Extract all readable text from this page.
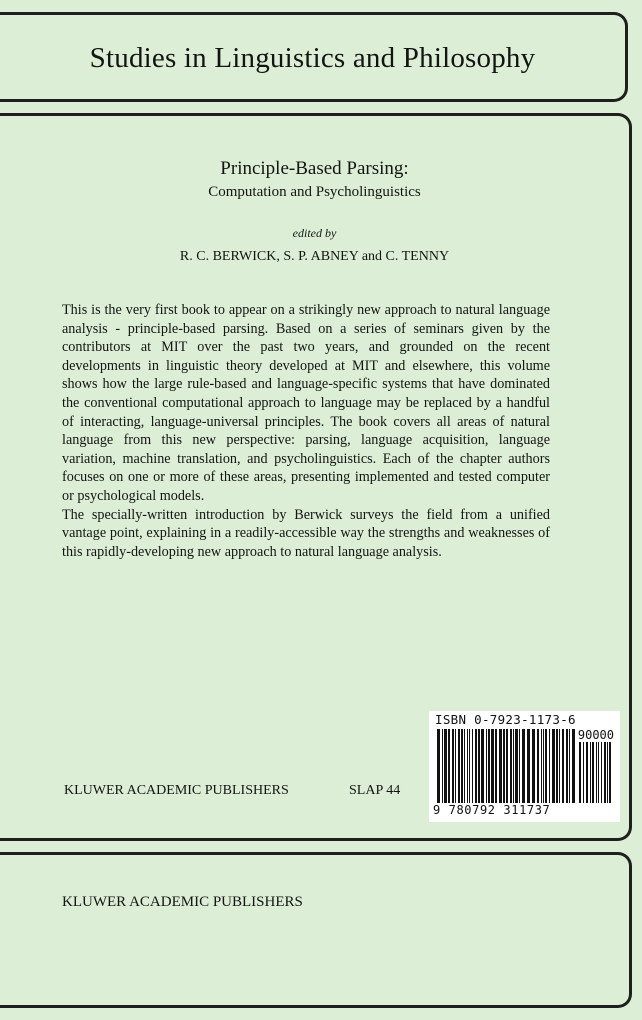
Studies in Linguistics and Philosophy
Principle-Based Parsing:
Computation and Psycholinguistics
edited by
R. C. BERWICK, S. P. ABNEY and C. TENNY

This is the very first book to appear on a strikingly new approach to natural language analysis - principle-based parsing. Based on a series of seminars given by the contributors at MIT over the past two years, and grounded on the recent developments in linguistic theory developed at MIT and elsewhere, this volume shows how the large rule-based and language-specific systems that have dominated the conventional computational approach to language may be replaced by a handful of interacting, language-universal principles. The book covers all areas of natural language from this new perspective: parsing, language acquisition, language variation, machine translation, and psycholinguistics. Each of the chapter authors focuses on one or more of these areas, presenting implemented and tested computer or psychological models.

The specially-written introduction by Berwick surveys the field from a unified vantage point, explaining in a readily-accessible way the strengths and weaknesses of this rapidly-developing new approach to natural language analysis.

KLUWER ACADEMIC PUBLISHERS	SLAP 44
ISBN 0-7923-1173-6
90000
9 780792 311737
KLUWER ACADEMIC PUBLISHERS
